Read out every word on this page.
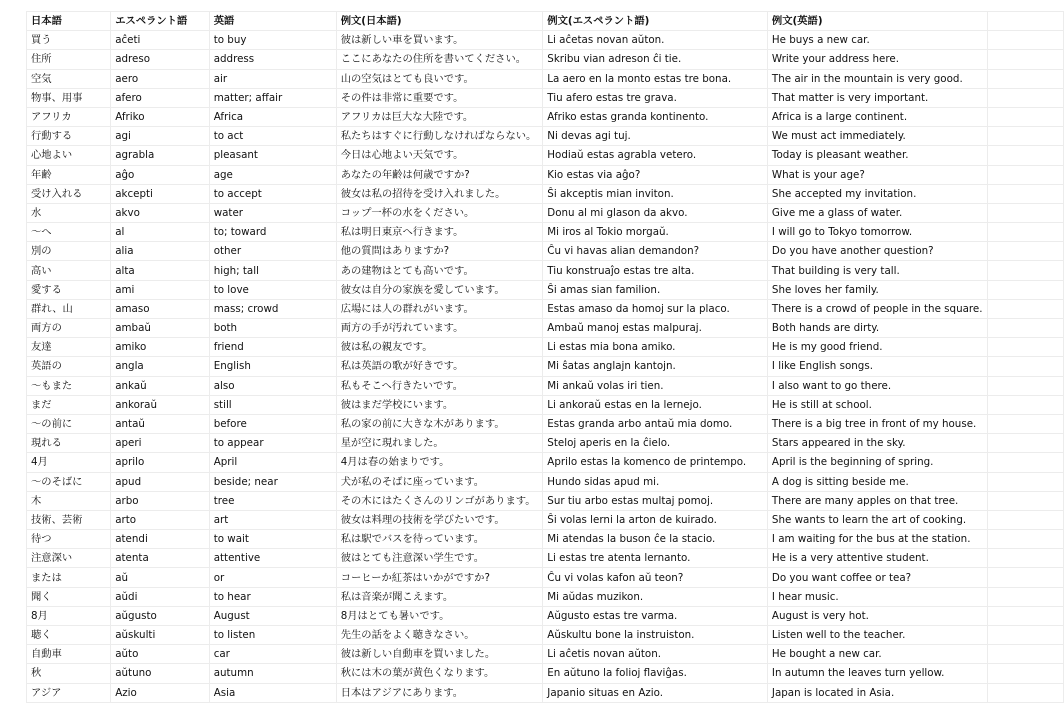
日本語	エスペラント語	英語	例文(日本語)	例文(エスペラント語)	例文(英語)	
買う	aĉeti	to buy	彼は新しい車を買います。	Li aĉetas novan aŭton.	He buys a new car.	
住所	adreso	address	ここにあなたの住所を書いてください。	Skribu vian adreson ĉi tie.	Write your address here.	
空気	aero	air	山の空気はとても良いです。	La aero en la monto estas tre bona.	The air in the mountain is very good.	
物事、用事	afero	matter; affair	その件は非常に重要です。	Tiu afero estas tre grava.	That matter is very important.	
アフリカ	Afriko	Africa	アフリカは巨大な大陸です。	Afriko estas granda kontinento.	Africa is a large continent.	
行動する	agi	to act	私たちはすぐに行動しなければならない。	Ni devas agi tuj.	We must act immediately.	
心地よい	agrabla	pleasant	今日は心地よい天気です。	Hodiaŭ estas agrabla vetero.	Today is pleasant weather.	
年齢	aĝo	age	あなたの年齢は何歳ですか?	Kio estas via aĝo?	What is your age?	
受け入れる	akcepti	to accept	彼女は私の招待を受け入れました。	Ŝi akceptis mian inviton.	She accepted my invitation.	
水	akvo	water	コップ一杯の水をください。	Donu al mi glason da akvo.	Give me a glass of water.	
〜へ	al	to; toward	私は明日東京へ行きます。	Mi iros al Tokio morgaŭ.	I will go to Tokyo tomorrow.	
別の	alia	other	他の質問はありますか?	Ĉu vi havas alian demandon?	Do you have another question?	
高い	alta	high; tall	あの建物はとても高いです。	Tiu konstruaĵo estas tre alta.	That building is very tall.	
愛する	ami	to love	彼女は自分の家族を愛しています。	Ŝi amas sian familion.	She loves her family.	
群れ、山	amaso	mass; crowd	広場には人の群れがいます。	Estas amaso da homoj sur la placo.	There is a crowd of people in the square.	
両方の	ambaŭ	both	両方の手が汚れています。	Ambaŭ manoj estas malpuraj.	Both hands are dirty.	
友達	amiko	friend	彼は私の親友です。	Li estas mia bona amiko.	He is my good friend.	
英語の	angla	English	私は英語の歌が好きです。	Mi ŝatas anglajn kantojn.	I like English songs.	
〜もまた	ankaŭ	also	私もそこへ行きたいです。	Mi ankaŭ volas iri tien.	I also want to go there.	
まだ	ankoraŭ	still	彼はまだ学校にいます。	Li ankoraŭ estas en la lernejo.	He is still at school.	
〜の前に	antaŭ	before	私の家の前に大きな木があります。	Estas granda arbo antaŭ mia domo.	There is a big tree in front of my house.	
現れる	aperi	to appear	星が空に現れました。	Steloj aperis en la ĉielo.	Stars appeared in the sky.	
4月	aprilo	April	4月は春の始まりです。	Aprilo estas la komenco de printempo.	April is the beginning of spring.	
〜のそばに	apud	beside; near	犬が私のそばに座っています。	Hundo sidas apud mi.	A dog is sitting beside me.	
木	arbo	tree	その木にはたくさんのリンゴがあります。	Sur tiu arbo estas multaj pomoj.	There are many apples on that tree.	
技術、芸術	arto	art	彼女は料理の技術を学びたいです。	Ŝi volas lerni la arton de kuirado.	She wants to learn the art of cooking.	
待つ	atendi	to wait	私は駅でバスを待っています。	Mi atendas la buson ĉe la stacio.	I am waiting for the bus at the station.	
注意深い	atenta	attentive	彼はとても注意深い学生です。	Li estas tre atenta lernanto.	He is a very attentive student.	
または	aŭ	or	コーヒーか紅茶はいかがですか?	Ĉu vi volas kafon aŭ teon?	Do you want coffee or tea?	
聞く	aŭdi	to hear	私は音楽が聞こえます。	Mi aŭdas muzikon.	I hear music.	
8月	aŭgusto	August	8月はとても暑いです。	Aŭgusto estas tre varma.	August is very hot.	
聴く	aŭskulti	to listen	先生の話をよく聴きなさい。	Aŭskultu bone la instruiston.	Listen well to the teacher.	
自動車	aŭto	car	彼は新しい自動車を買いました。	Li aĉetis novan aŭton.	He bought a new car.	
秋	aŭtuno	autumn	秋には木の葉が黄色くなります。	En aŭtuno la folioj flaviĝas.	In autumn the leaves turn yellow.	
アジア	Azio	Asia	日本はアジアにあります。	Japanio situas en Azio.	Japan is located in Asia.	
